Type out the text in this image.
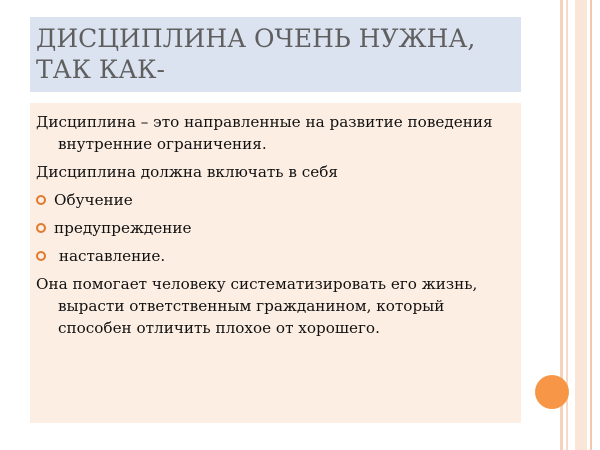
ДИСЦИПЛИНА ОЧЕНЬ НУЖНА,
ТАК КАК-
Дисциплина – это направленные на развитие поведения внутренние ограничения.
Дисциплина должна включать в себя
Обучение
предупреждение
наставление.
Она помогает человеку систематизировать его жизнь, вырасти ответственным гражданином, который способен отличить плохое от хорошего.
